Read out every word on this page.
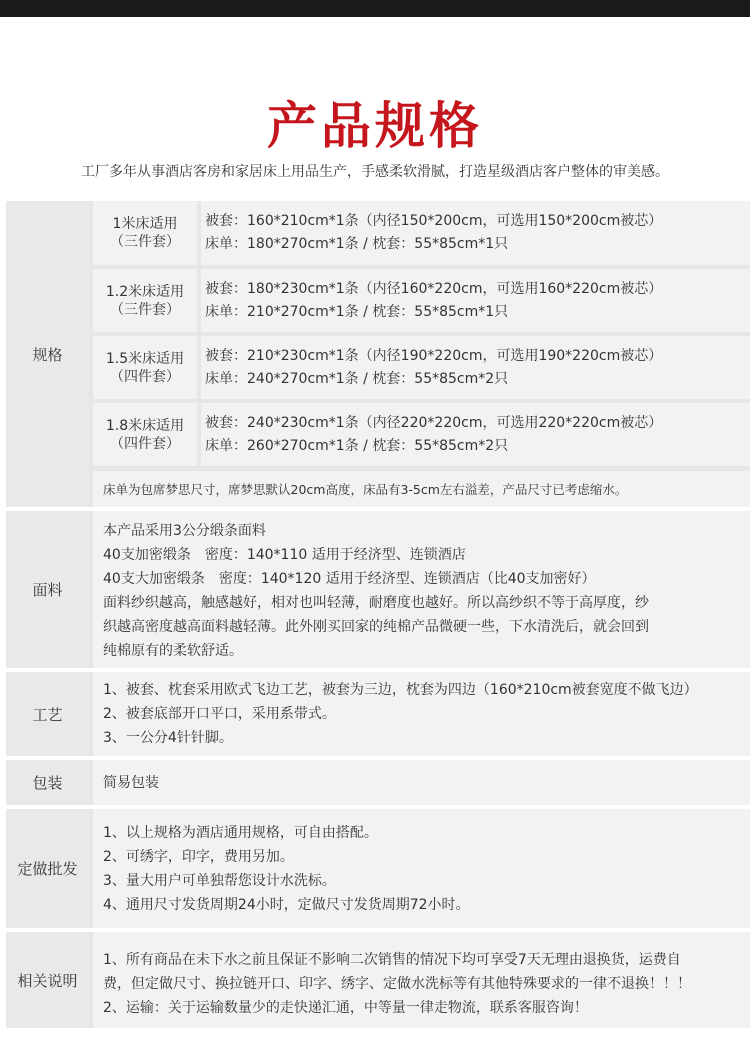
产品规格
工厂多年从事酒店客房和家居床上用品生产，手感柔软滑腻，打造星级酒店客户整体的审美感。
规格
1米床适用
（三件套）
被套：160*210cm*1条（内径150*200cm，可选用150*200cm被芯）
床单：180*270cm*1条 / 枕套：55*85cm*1只
1.2米床适用
（三件套）
被套：180*230cm*1条（内径160*220cm，可选用160*220cm被芯）
床单：210*270cm*1条 / 枕套：55*85cm*1只
1.5米床适用
（四件套）
被套：210*230cm*1条（内径190*220cm，可选用190*220cm被芯）
床单：240*270cm*1条 / 枕套：55*85cm*2只
1.8米床适用
（四件套）
被套：240*230cm*1条（内径220*220cm，可选用220*220cm被芯）
床单：260*270cm*1条 / 枕套：55*85cm*2只
床单为包席梦思尺寸，席梦思默认20cm高度，床品有3-5cm左右溢差，产品尺寸已考虑缩水。
面料
本产品采用3公分缎条面料
40支加密缎条　密度：140*110 适用于经济型、连锁酒店
40支大加密缎条　密度：140*120 适用于经济型、连锁酒店（比40支加密好）
面料纱织越高，触感越好，相对也叫轻薄，耐磨度也越好。所以高纱织不等于高厚度，纱
织越高密度越高面料越轻薄。此外刚买回家的纯棉产品微硬一些，下水清洗后，就会回到
纯棉原有的柔软舒适。
工艺
1、被套、枕套采用欧式飞边工艺，被套为三边，枕套为四边（160*210cm被套宽度不做飞边）
2、被套底部开口平口，采用系带式。
3、一公分4针针脚。
包装	简易包装
定做批发
1、以上规格为酒店通用规格，可自由搭配。
2、可绣字，印字，费用另加。
3、量大用户可单独帮您设计水洗标。
4、通用尺寸发货周期24小时，定做尺寸发货周期72小时。
相关说明
1、所有商品在未下水之前且保证不影响二次销售的情况下均可享受7天无理由退换货，运费自
费，但定做尺寸、换拉链开口、印字、绣字、定做水洗标等有其他特殊要求的一律不退换！！！
2、运输：关于运输数量少的走快递汇通，中等量一律走物流，联系客服咨询！
